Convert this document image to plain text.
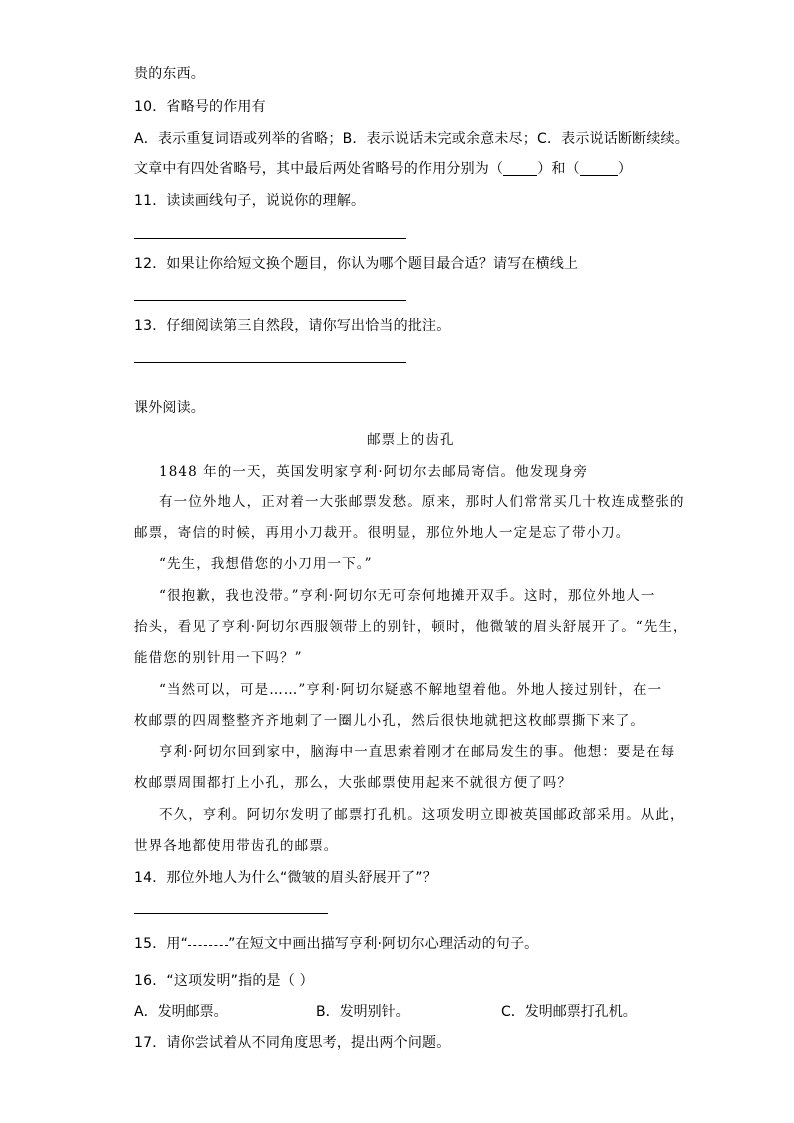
贵的东西。
10．省略号的作用有
A．表示重复词语或列举的省略；B．表示说话未完或余意未尽；C．表示说话断断续续。
文章中有四处省略号，其中最后两处省略号的作用分别为（ ）和（	）
11．读读画线句子，说说你的理解。
12．如果让你给短文换个题目，你认为哪个题目最合适？请写在横线上
13．仔细阅读第三自然段，请你写出恰当的批注。
课外阅读。
邮票上的齿孔
1848 年的一天，英国发明家亨利·阿切尔去邮局寄信。他发现身旁
有一位外地人，正对着一大张邮票发愁。原来，那时人们常常买几十枚连成整张的
邮票，寄信的时候，再用小刀裁开。很明显，那位外地人一定是忘了带小刀。
“先生，我想借您的小刀用一下。”
“很抱歉，我也没带。”亨利·阿切尔无可奈何地摊开双手。这时，那位外地人一
抬头，看见了亨利·阿切尔西服领带上的别针，顿时，他微皱的眉头舒展开了。“先生，
能借您的别针用一下吗？”
“当然可以，可是……”亨利·阿切尔疑惑不解地望着他。外地人接过别针，在一
枚邮票的四周整整齐齐地刺了一圈儿小孔，然后很快地就把这枚邮票撕下来了。
亨利·阿切尔回到家中，脑海中一直思索着刚才在邮局发生的事。他想：要是在每
枚邮票周围都打上小孔，那么，大张邮票使用起来不就很方便了吗？
不久，亨利。阿切尔发明了邮票打孔机。这项发明立即被英国邮政部采用。从此，
世界各地都使用带齿孔的邮票。
14．那位外地人为什么“微皱的眉头舒展开了”？
15．用“	”在短文中画出描写亨利·阿切尔心理活动的句子。
16．“这项发明”指的是（ ）
A．发明邮票。	B．发明别针。	C．发明邮票打孔机。
17．请你尝试着从不同角度思考，提出两个问题。
